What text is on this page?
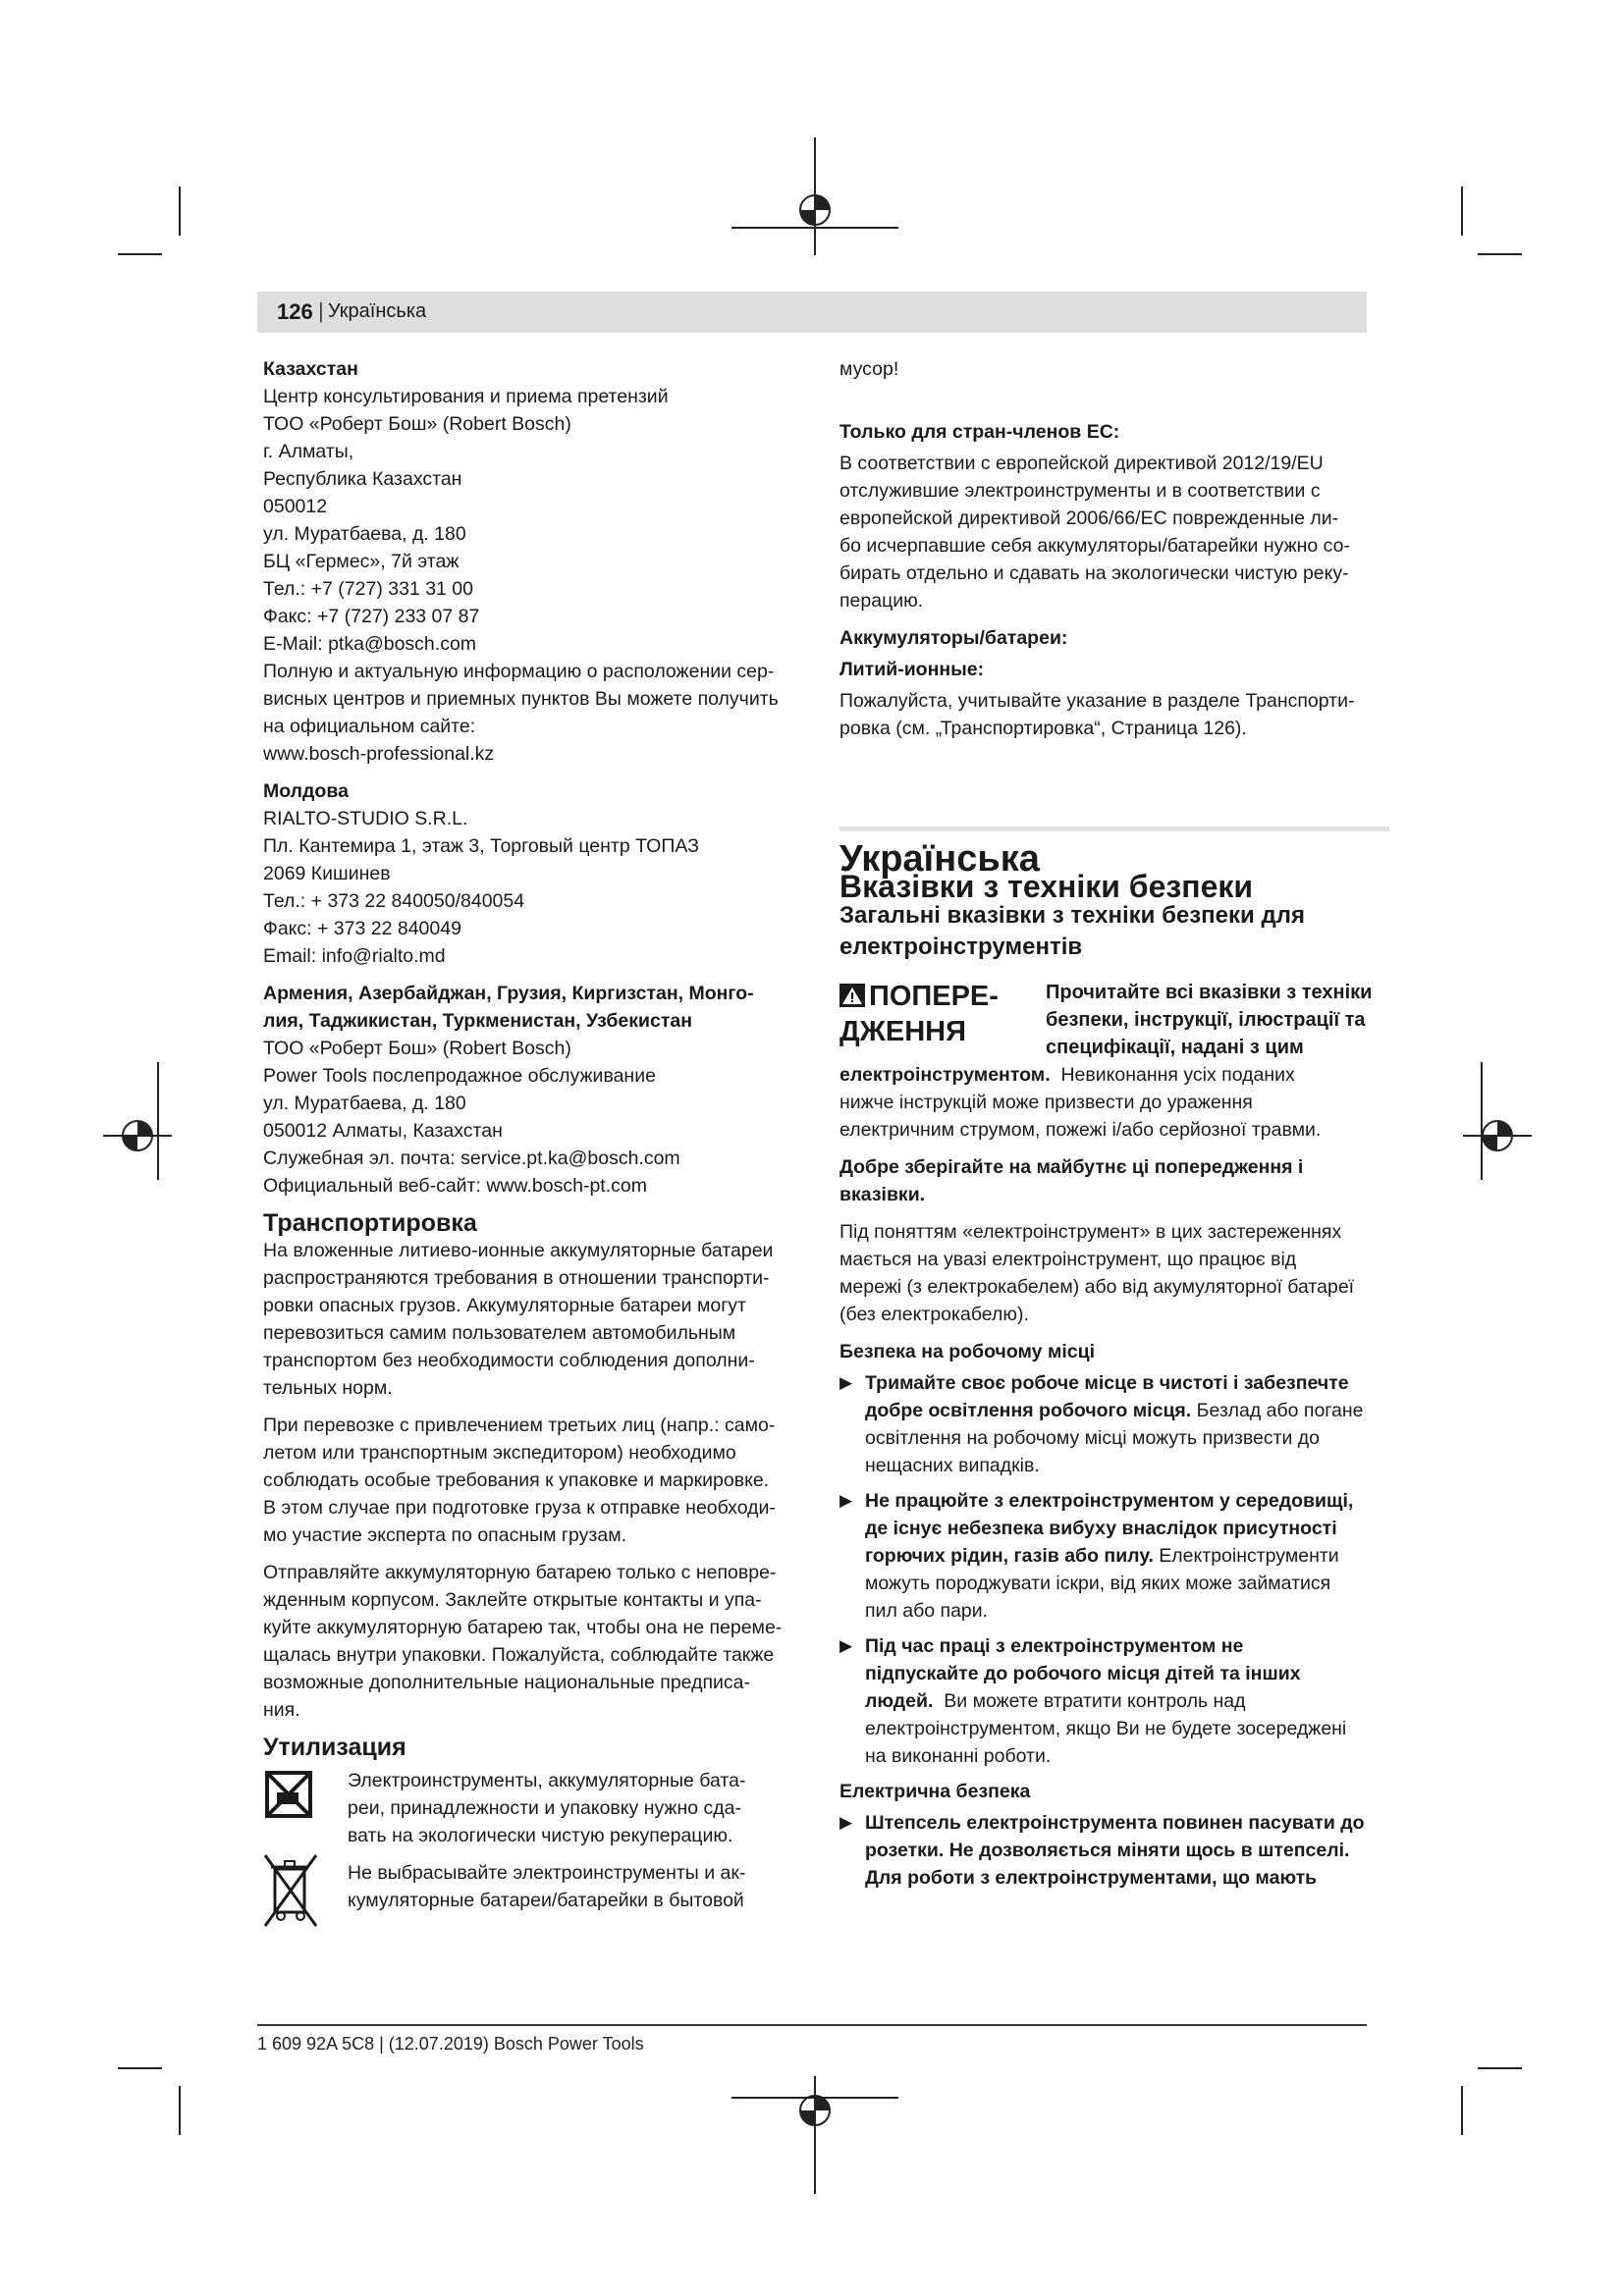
126 | Українська

Казахстан

Центр консультирования и приема претензий

ТОО «Роберт Бош» (Robert Bosch)

г. Алматы,

Республика Казахстан

050012

ул. Муратбаева, д. 180

БЦ «Гермес», 7й этаж

Тел.: +7 (727) 331 31 00

Факс: +7 (727) 233 07 87

E-Mail: ptka@bosch.com

Полную и актуальную информацию о расположении сер-

висных центров и приемных пунктов Вы можете получить

на официальном сайте:

www.bosch-professional.kz

Молдова

RIALTO-STUDIO S.R.L.

Пл. Кантемира 1, этаж 3, Торговый центр ТОПАЗ

2069 Кишинев

Тел.: + 373 22 840050/840054

Факс: + 373 22 840049

Email: info@rialto.md

Армения, Азербайджан, Грузия, Киргизстан, Монго-

лия, Таджикистан, Туркменистан, Узбекистан

ТОО «Роберт Бош» (Robert Bosch)

Power Tools послепродажное обслуживание

ул. Муратбаева, д. 180

050012 Алматы, Казахстан

Служебная эл. почта: service.pt.ka@bosch.com

Официальный веб-сайт: www.bosch-pt.com

Транспортировка

На вложенные литиево-ионные аккумуляторные батареи

распространяются требования в отношении транспорти-

ровки опасных грузов. Аккумуляторные батареи могут

перевозиться самим пользователем автомобильным

транспортом без необходимости соблюдения дополни-

тельных норм.

При перевозке с привлечением третьих лиц (напр.: само-

летом или транспортным экспедитором) необходимо

соблюдать особые требования к упаковке и маркировке.

В этом случае при подготовке груза к отправке необходи-

мо участие эксперта по опасным грузам.

Отправляйте аккумуляторную батарею только с неповре-

жденным корпусом. Заклейте открытые контакты и упа-

куйте аккумуляторную батарею так, чтобы она не переме-

щалась внутри упаковки. Пожалуйста, соблюдайте также

возможные дополнительные национальные предписа-

ния.

Утилизация

Электроинструменты, аккумуляторные бата-

реи, принадлежности и упаковку нужно сда-

вать на экологически чистую рекуперацию.

Не выбрасывайте электроинструменты и ак-

кумуляторные батареи/батарейки в бытовой

мусор!

Только для стран-членов ЕС:

В соответствии с европейской директивой 2012/19/EU

отслужившие электроинструменты и в соответствии с

европейской директивой 2006/66/EC поврежденные ли-

бо исчерпавшие себя аккумуляторы/батарейки нужно со-

бирать отдельно и сдавать на экологически чистую реку-

перацию.

Аккумуляторы/батареи:

Литий-ионные:

Пожалуйста, учитывайте указание в разделе Транспорти-

ровка (см. „Транспортировка“, Страница 126).

Українська

Вказівки з техніки безпеки

Загальні вказівки з техніки безпеки для

електроінструментів

ПОПЕРЕ-

ДЖЕННЯ

Прочитайте всі вказівки з техніки

безпеки, інструкції, ілюстрації та

специфікації, надані з цим

електроінструментом. Невиконання усіх поданих

нижче інструкцій може призвести до ураження

електричним струмом, пожежі і/або серйозної травми.

Добре зберігайте на майбутнє ці попередження і

вказівки.

Під поняттям «електроінструмент» в цих застереженнях

мається на увазі електроінструмент, що працює від

мережі (з електрокабелем) або від акумуляторної батареї

(без електрокабелю).

Безпека на робочому місці

▶ Тримайте своє робоче місце в чистоті і забезпечте

добре освітлення робочого місця. Безлад або погане

освітлення на робочому місці можуть призвести до

нещасних випадків.

▶ Не працюйте з електроінструментом у середовищі,

де існує небезпека вибуху внаслідок присутності

горючих рідин, газів або пилу. Електроінструменти

можуть породжувати іскри, від яких може займатися

пил або пари.

▶ Під час праці з електроінструментом не

підпускайте до робочого місця дітей та інших

людей. Ви можете втратити контроль над

електроінструментом, якщо Ви не будете зосереджені

на виконанні роботи.

Електрична безпека

▶ Штепсель електроінструмента повинен пасувати до

розетки. Не дозволяється міняти щось в штепселі.

Для роботи з електроінструментами, що мають

1 609 92A 5C8 | (12.07.2019) Bosch Power Tools
